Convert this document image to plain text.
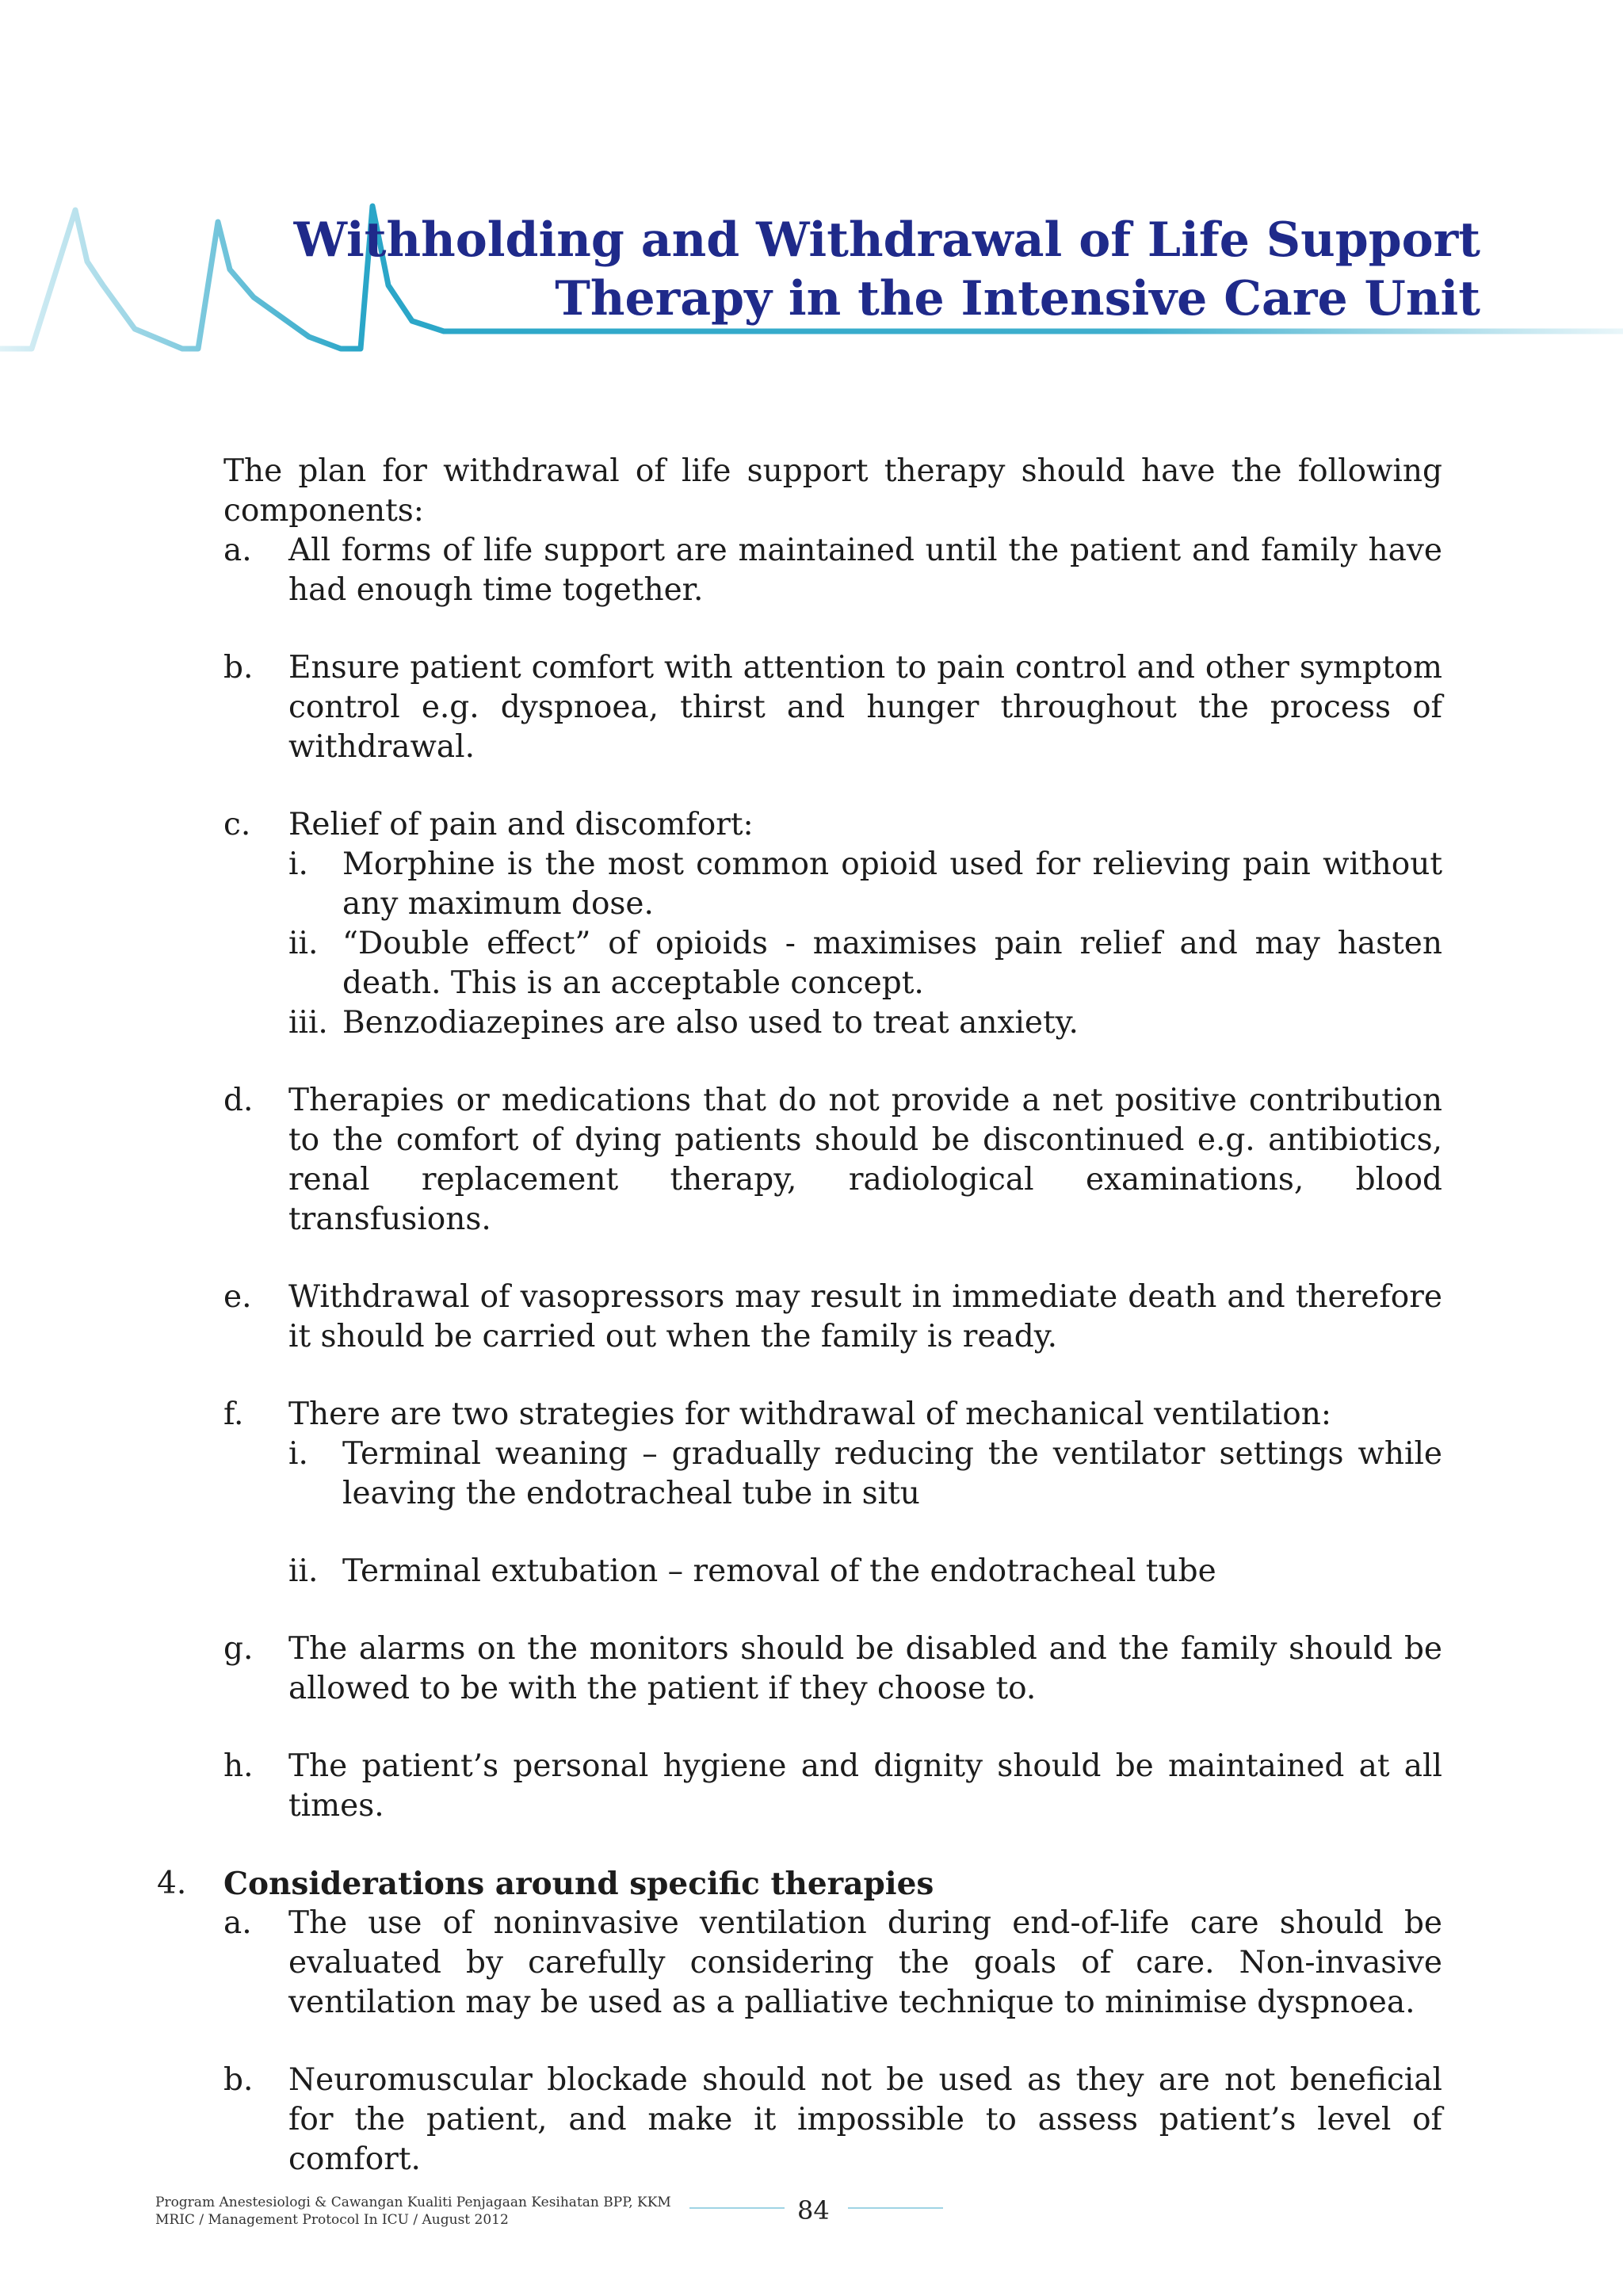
Withholding and Withdrawal of Life Support
Therapy in the Intensive Care Unit

The plan for withdrawal of life support therapy should have the following components:

a. All forms of life support are maintained until the patient and family have had enough time together.
b. Ensure patient comfort with attention to pain control and other symptom control e.g. dyspnoea, thirst and hunger throughout the process of withdrawal.
c. Relief of pain and discomfort:
i. Morphine is the most common opioid used for relieving pain without any maximum dose.
ii. “Double effect” of opioids - maximises pain relief and may hasten death. This is an acceptable concept.
iii. Benzodiazepines are also used to treat anxiety.
d. Therapies or medications that do not provide a net positive contribution to the comfort of dying patients should be discontinued e.g. antibiotics, renal replacement therapy, radiological examinations, blood transfusions.
e. Withdrawal of vasopressors may result in immediate death and therefore it should be carried out when the family is ready.
f. There are two strategies for withdrawal of mechanical ventilation:
i. Terminal weaning – gradually reducing the ventilator settings while leaving the endotracheal tube in situ
ii. Terminal extubation – removal of the endotracheal tube
g. The alarms on the monitors should be disabled and the family should be allowed to be with the patient if they choose to.
h. The patient’s personal hygiene and dignity should be maintained at all times.
4. Considerations around specific therapies
a. The use of noninvasive ventilation during end-of-life care should be evaluated by carefully considering the goals of care. Non-invasive ventilation may be used as a palliative technique to minimise dyspnoea.
b. Neuromuscular blockade should not be used as they are not beneficial for the patient, and make it impossible to assess patient’s level of comfort.
Program Anestesiologi & Cawangan Kualiti Penjagaan Kesihatan BPP, KKM
MRIC / Management Protocol In ICU / August 2012	84
